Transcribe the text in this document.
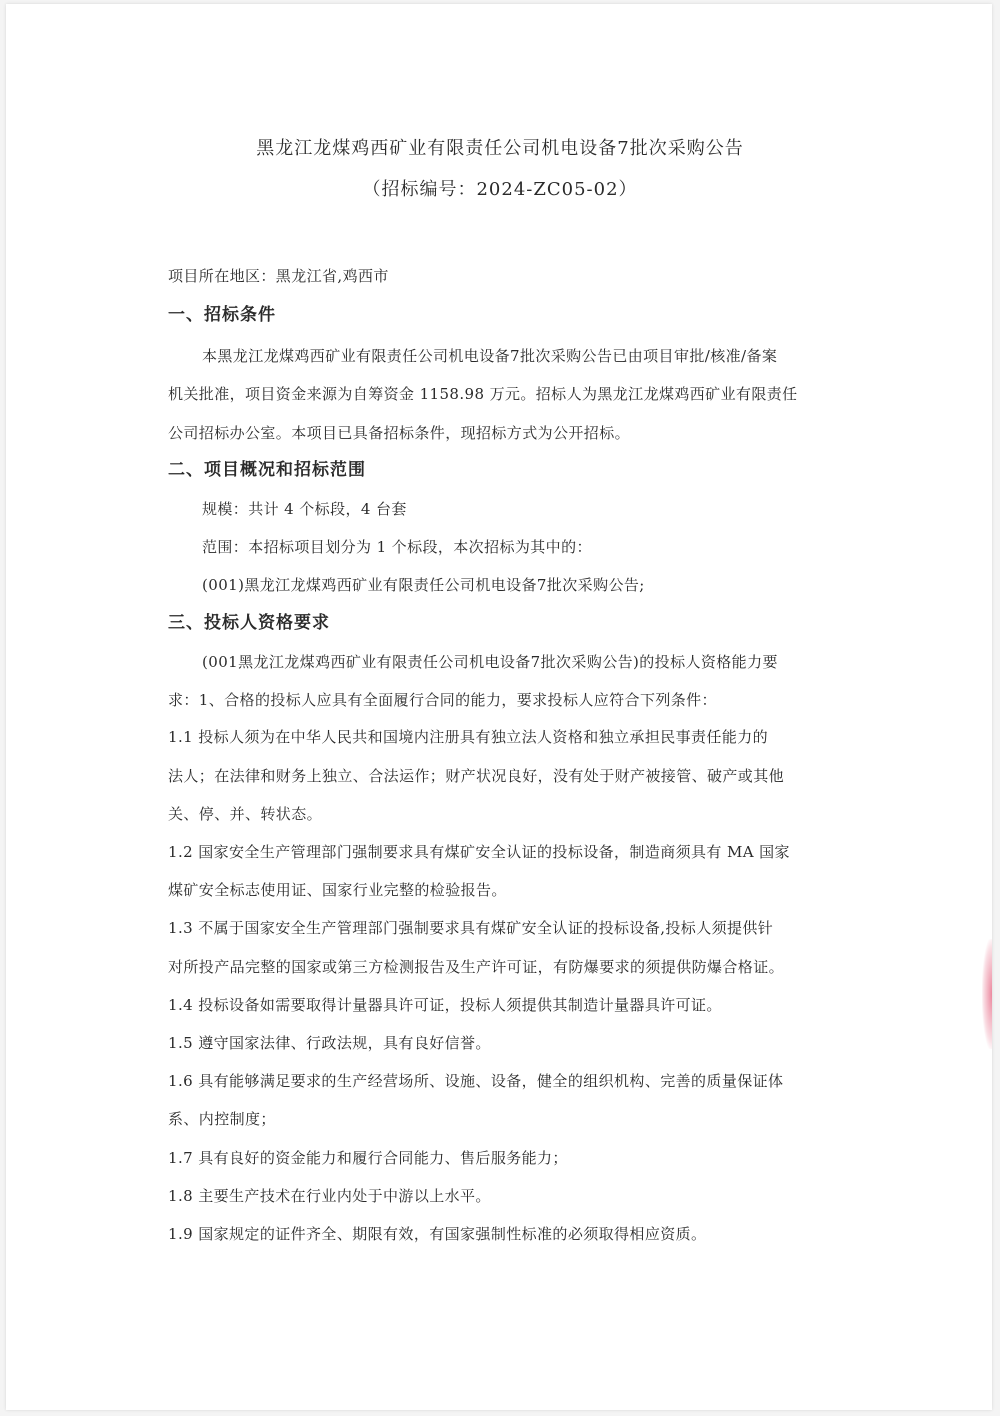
黑龙江龙煤鸡西矿业有限责任公司机电设备7批次采购公告
（招标编号：2024-ZC05-02）
项目所在地区：黑龙江省,鸡西市
一、招标条件
本黑龙江龙煤鸡西矿业有限责任公司机电设备7批次采购公告已由项目审批/核准/备案
机关批准，项目资金来源为自筹资金 1158.98 万元。招标人为黑龙江龙煤鸡西矿业有限责任
公司招标办公室。本项目已具备招标条件，现招标方式为公开招标。
二、项目概况和招标范围
规模：共计 4 个标段，4 台套
范围：本招标项目划分为 1 个标段，本次招标为其中的：
(001)黑龙江龙煤鸡西矿业有限责任公司机电设备7批次采购公告;
三、投标人资格要求
(001黑龙江龙煤鸡西矿业有限责任公司机电设备7批次采购公告)的投标人资格能力要
求：1、合格的投标人应具有全面履行合同的能力，要求投标人应符合下列条件：
1.1 投标人须为在中华人民共和国境内注册具有独立法人资格和独立承担民事责任能力的
法人；在法律和财务上独立、合法运作；财产状况良好，没有处于财产被接管、破产或其他
关、停、并、转状态。
1.2 国家安全生产管理部门强制要求具有煤矿安全认证的投标设备，制造商须具有 MA 国家
煤矿安全标志使用证、国家行业完整的检验报告。
1.3 不属于国家安全生产管理部门强制要求具有煤矿安全认证的投标设备,投标人须提供针
对所投产品完整的国家或第三方检测报告及生产许可证，有防爆要求的须提供防爆合格证。
1.4 投标设备如需要取得计量器具许可证，投标人须提供其制造计量器具许可证。
1.5 遵守国家法律、行政法规，具有良好信誉。
1.6 具有能够满足要求的生产经营场所、设施、设备，健全的组织机构、完善的质量保证体
系、内控制度；
1.7 具有良好的资金能力和履行合同能力、售后服务能力；
1.8 主要生产技术在行业内处于中游以上水平。
1.9 国家规定的证件齐全、期限有效，有国家强制性标准的必须取得相应资质。
